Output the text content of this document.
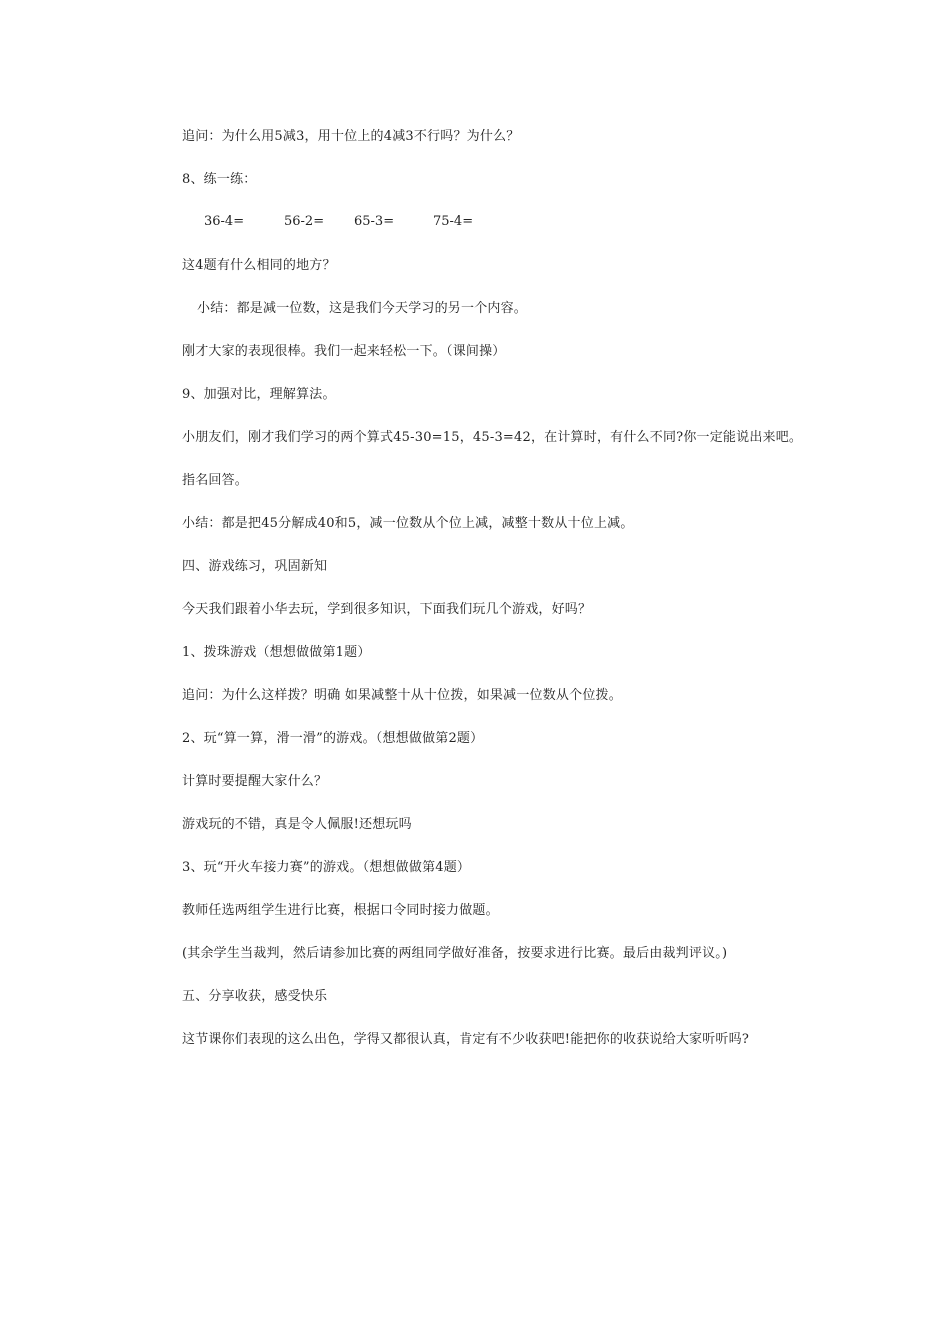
追问：为什么用5减3，用十位上的4减3不行吗？为什么？
8、练一练：
36-4=	56-2= 65-3=	75-4=
这4题有什么相同的地方？
小结：都是减一位数，这是我们今天学习的另一个内容。
刚才大家的表现很棒。我们一起来轻松一下。（课间操）
9、加强对比，理解算法。
小朋友们，刚才我们学习的两个算式45-30=15，45-3=42，在计算时，有什么不同?你一定能说出来吧。
指名回答。
小结：都是把45分解成40和5，减一位数从个位上减，减整十数从十位上减。
四、游戏练习，巩固新知
今天我们跟着小华去玩，学到很多知识，下面我们玩几个游戏，好吗？
1、拨珠游戏（想想做做第1题）
追问：为什么这样拨？明确 如果减整十从十位拨，如果减一位数从个位拨。
2、玩“算一算，滑一滑”的游戏。（想想做做第2题）
计算时要提醒大家什么？
游戏玩的不错，真是令人佩服!还想玩吗
3、玩“开火车接力赛”的游戏。（想想做做第4题）
教师任选两组学生进行比赛，根据口令同时接力做题。
(其余学生当裁判，然后请参加比赛的两组同学做好准备，按要求进行比赛。最后由裁判评议。)
五、分享收获，感受快乐
这节课你们表现的这么出色，学得又都很认真，肯定有不少收获吧!能把你的收获说给大家听听吗?
